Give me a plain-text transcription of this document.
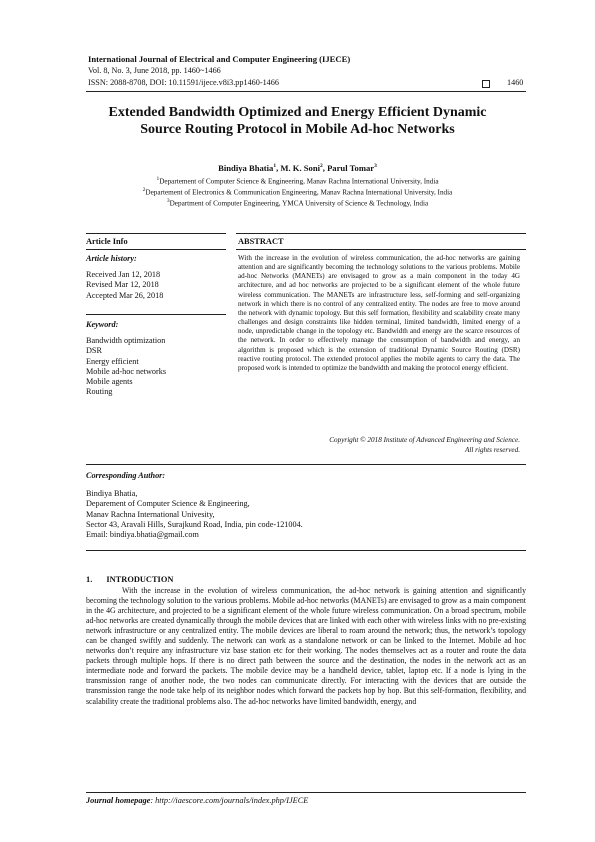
International Journal of Electrical and Computer Engineering (IJECE)
Vol. 8, No. 3, June 2018, pp. 1460~1466
ISSN: 2088-8708, DOI: 10.11591/ijece.v8i3.pp1460-1466	1460
Extended Bandwidth Optimized and Energy Efficient Dynamic
Source Routing Protocol in Mobile Ad-hoc Networks
Bindiya Bhatia$^1$, M. K. Soni$^2$, Parul Tomar$^3$
$^1$Departement of Computer Science & Engineering, Manav Rachna International University, India
$^2$Departement of Electronics & Communication Engineering, Manav Rachna International University, India
$^3$Department of Computer Engineering, YMCA University of Science & Technology, India
Article Info
Article history:
Received Jan 12, 2018
Revised Mar 12, 2018
Accepted Mar 26, 2018
Keyword:
Bandwidth optimization
DSR
Energy efficient
Mobile ad-hoc networks
Mobile agents
Routing
ABSTRACT
With the increase in the evolution of wireless communication, the ad-hoc networks are gaining attention and are significantly becoming the technology solutions to the various problems. Mobile ad-hoc Networks (MANETs) are envisaged to grow as a main component in the today 4G architecture, and ad hoc networks are projected to be a significant element of the whole future wireless communication. The MANETs are infrastructure less, self-forming and self-organizing network in which there is no control of any centralized entity. The nodes are free to move around the network with dynamic topology. But this self formation, flexibility and scalability create many challenges and design constraints like hidden terminal, limited bandwidth, limited energy of a node, unpredictable change in the topology etc. Bandwidth and energy are the scarce resources of the network. In order to effectively manage the consumption of bandwidth and energy, an algorithm is proposed which is the extension of traditional Dynamic Source Routing (DSR) reactive routing protocol. The extended protocol applies the mobile agents to carry the data. The proposed work is intended to optimize the bandwidth and making the protocol energy efficient.
Copyright © 2018 Institute of Advanced Engineering and Science.
All rights reserved.
Corresponding Author:
Bindiya Bhatia,
Deparement of Computer Science & Engineering,
Manav Rachna International Univesity,
Sector 43, Aravali Hills, Surajkund Road, India, pin code-121004.
Email: bindiya.bhatia@gmail.com
1. INTRODUCTION
With the increase in the evolution of wireless communication, the ad-hoc network is gaining attention and significantly becoming the technology solution to the various problems. Mobile ad-hoc networks (MANETs) are envisaged to grow as a main component in the 4G architecture, and projected to be a significant element of the whole future wireless communication. On a broad spectrum, mobile ad-hoc networks are created dynamically through the mobile devices that are linked with each other with wireless links with no pre-existing network infrastructure or any centralized entity. The mobile devices are liberal to roam around the network; thus, the network’s topology can be changed swiftly and suddenly. The network can work as a standalone network or can be linked to the Internet. Mobile ad hoc networks don’t require any infrastructure viz base station etc for their working. The nodes themselves act as a router and route the data packets through multiple hops. If there is no direct path between the source and the destination, the nodes in the network act as an intermediate node and forward the packets. The mobile device may be a handheld device, tablet, laptop etc. If a node is lying in the transmission range of another node, the two nodes can communicate directly. For interacting with the devices that are outside the transmission range the node take help of its neighbor nodes which forward the packets hop by hop. But this self-formation, flexibility, and scalability create the traditional problems also. The ad-hoc networks have limited bandwidth, energy, and
Journal homepage: http://iaescore.com/journals/index.php/IJECE
